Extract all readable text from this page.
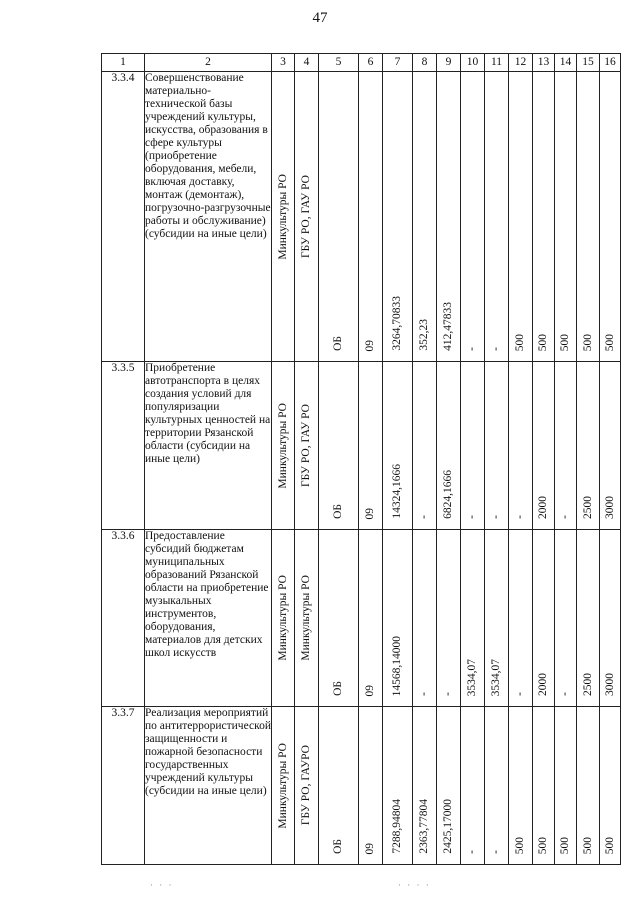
47
1	2	3	4	5	6	7	8	9	10	11	12	13	14	15	16
3.3.4	Совершенствование материально-технической базы учреждений культуры, искусства, образования в сфере культуры (приобретение оборудования, мебели, включая доставку, монтаж (демонтаж), погрузочно-разгрузочные работы и обслуживание) (субсидии на иные цели)	Минкультуры РО	ГБУ РО, ГАУ РО	ОБ	09	3264,70833	352,23	412,47833	-	-	500	500	500	500	500

3.3.5	Приобретение автотранспорта в целях создания условий для популяризации культурных ценностей на территории Рязанской области (субсидии на иные цели)	Минкультуры РО	ГБУ РО, ГАУ РО	ОБ	09	14324,1666	-	6824,1666	-	-	-	2000	-	2500	3000

3.3.6	Предоставление субсидий бюджетам муниципальных образований Рязанской области на приобретение музыкальных инструментов, оборудования, материалов для детских школ искусств	Минкультуры РО	Минкультуры РО	ОБ	09	14568,14000	-	-	3534,07	3534,07	-	2000	-	2500	3000

3.3.7	Реализация мероприятий по антитеррористической защищенности и пожарной безопасности государственных учреждений культуры (субсидии на иные цели)	Минкультуры РО	ГБУ РО, ГАУРО	ОБ	09	7288,94804	2363,77804	2425,17000	-	-	500	500	500	500	500
· · ·	· · · ·
